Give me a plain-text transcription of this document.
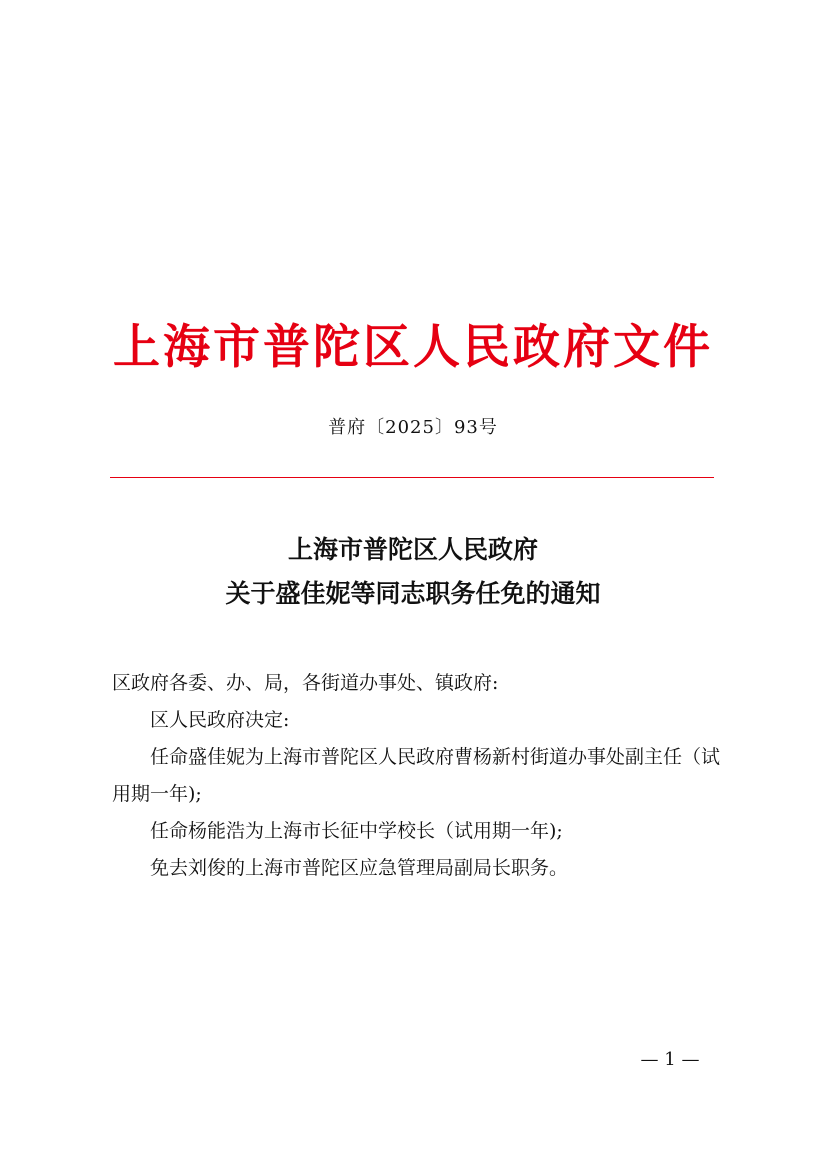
上海市普陀区人民政府文件
普府〔2025〕93号
上海市普陀区人民政府
关于盛佳妮等同志职务任免的通知

区政府各委、办、局，各街道办事处、镇政府:

区人民政府决定:

任命盛佳妮为上海市普陀区人民政府曹杨新村街道办事处副主任（试用期一年);

任命杨能浩为上海市长征中学校长（试用期一年);

免去刘俊的上海市普陀区应急管理局副局长职务。

— 1 —
